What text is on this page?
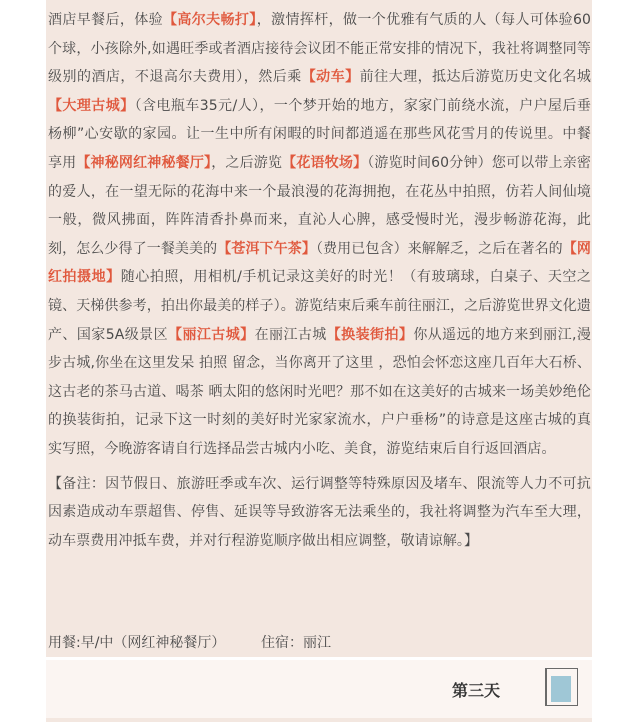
酒店早餐后，体验【高尔夫畅打】，激情挥杆，做一个优雅有气质的人（每人可体验60个球，小孩除外,如遇旺季或者酒店接待会议团不能正常安排的情况下，我社将调整同等级别的酒店，不退高尔夫费用），然后乘【动车】前往大理，抵达后游览历史文化名城【大理古城】（含电瓶车35元/人），一个梦开始的地方，家家门前绕水流，户户屋后垂杨柳”心安歇的家园。让一生中所有闲暇的时间都逍遥在那些风花雪月的传说里。中餐享用【神秘网红神秘餐厅】，之后游览【花语牧场】（游览时间60分钟）您可以带上亲密的爱人，在一望无际的花海中来一个最浪漫的花海拥抱，在花丛中拍照，仿若人间仙境一般，微风拂面，阵阵清香扑鼻而来，直沁人心脾，感受慢时光，漫步畅游花海，此刻，怎么少得了一餐美美的【苍洱下午茶】（费用已包含）来解解乏，之后在著名的【网红拍摄地】随心拍照，用相机/手机记录这美好的时光！（有玻璃球，白桌子、天空之镜、天梯供参考，拍出你最美的样子）。游览结束后乘车前往丽江，之后游览世界文化遗产、国家5A级景区【丽江古城】在丽江古城【换装街拍】你从遥远的地方来到丽江,漫步古城,你坐在这里发呆 拍照 留念，当你离开了这里 ，恐怕会怀恋这座几百年大石桥、这古老的茶马古道、喝茶 晒太阳的悠闲时光吧？那不如在这美好的古城来一场美妙绝伦的换装街拍，记录下这一时刻的美好时光家家流水，户户垂杨”的诗意是这座古城的真实写照，今晚游客请自行选择品尝古城内小吃、美食，游览结束后自行返回酒店。

【备注：因节假日、旅游旺季或车次、运行调整等特殊原因及堵车、限流等人力不可抗因素造成动车票超售、停售、延误等导致游客无法乘坐的，我社将调整为汽车至大理，动车票费用冲抵车费，并对行程游览顺序做出相应调整，敬请谅解。】

用餐:早/中（网红神秘餐厅）        住宿：丽江
第三天
